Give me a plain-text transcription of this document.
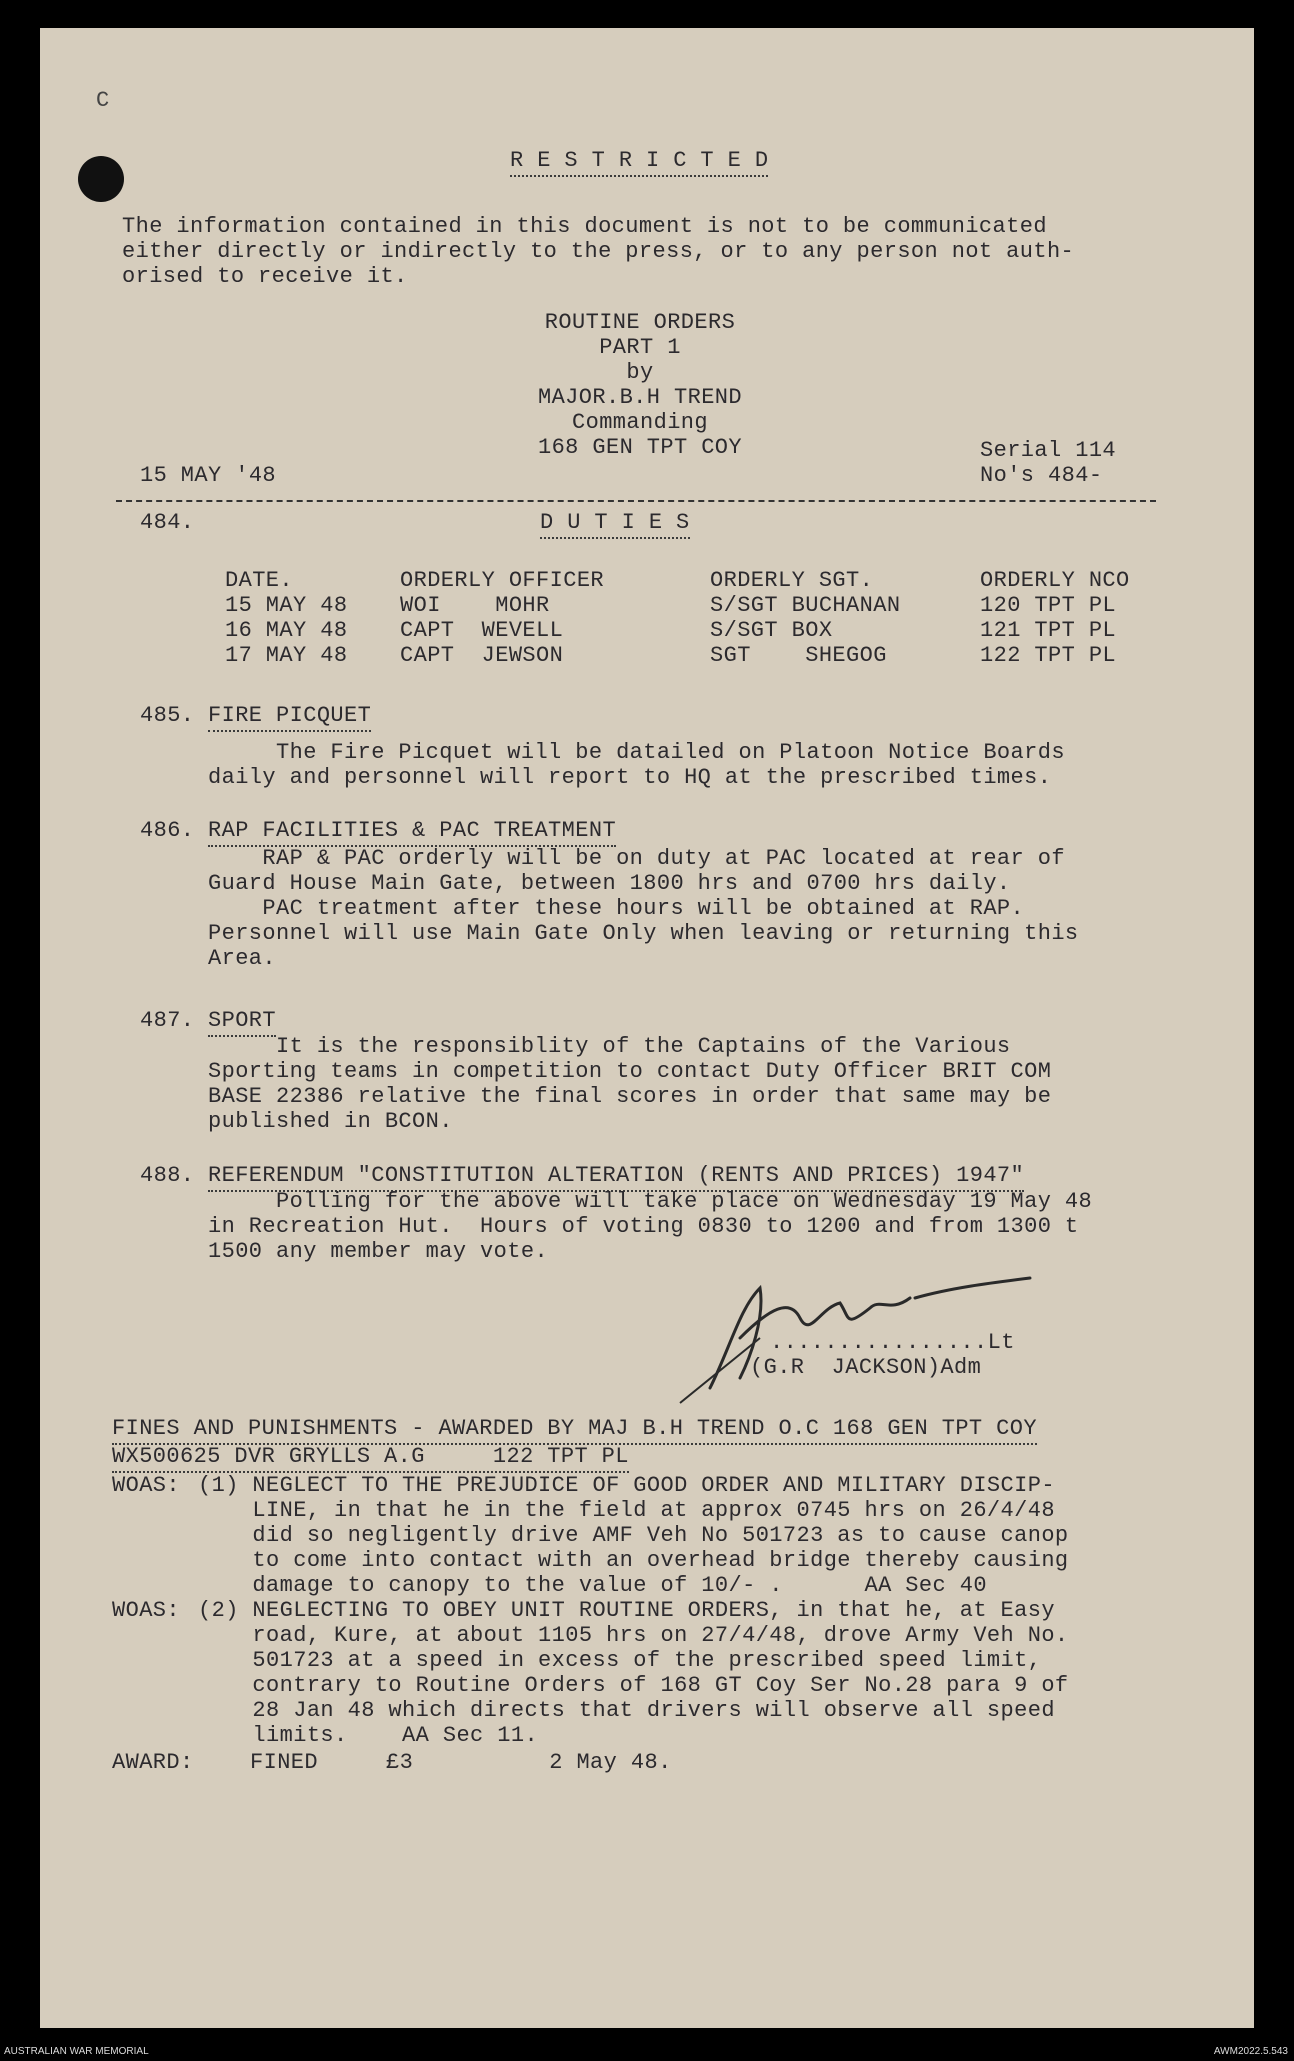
C
R E S T R I C T E D
The information contained in this document is not to be communicated
either directly or indirectly to the press, or to any person not auth-
orised to receive it.
ROUTINE ORDERS
PART 1
by
MAJOR.B.H TREND
Commanding
168 GEN TPT COY	Serial 114
15 MAY '48	No's 484-
484.	D U T I E S
DATE.	ORDERLY OFFICER	ORDERLY SGT.	ORDERLY NCO
15 MAY 48 WOI    MOHR	S/SGT BUCHANAN	120 TPT PL
16 MAY 48 CAPT  WEVELL	S/SGT BOX	121 TPT PL
17 MAY 48 CAPT  JEWSON	SGT    SHEGOG	122 TPT PL
485. FIRE PICQUET
The Fire Picquet will be datailed on Platoon Notice Boards
daily and personnel will report to HQ at the prescribed times.
486. RAP FACILITIES & PAC TREATMENT
RAP & PAC orderly will be on duty at PAC located at rear of
Guard House Main Gate, between 1800 hrs and 0700 hrs daily.
PAC treatment after these hours will be obtained at RAP.
Personnel will use Main Gate Only when leaving or returning this
Area.
487. SPORT
It is the responsiblity of the Captains of the Various
Sporting teams in competition to contact Duty Officer BRIT COM
BASE 22386 relative the final scores in order that same may be
published in BCON.
488. REFERENDUM "CONSTITUTION ALTERATION (RENTS AND PRICES) 1947"
Polling for the above will take place on Wednesday 19 May 48
in Recreation Hut.  Hours of voting 0830 to 1200 and from 1300 t
1500 any member may vote.
................Lt
(G.R  JACKSON)Adm
FINES AND PUNISHMENTS - AWARDED BY MAJ B.H TREND O.C 168 GEN TPT COY
WX500625 DVR GRYLLS A.G     122 TPT PL
WOAS: (1) NEGLECT TO THE PREJUDICE OF GOOD ORDER AND MILITARY DISCIP-
LINE, in that he in the field at approx 0745 hrs on 26/4/48
did so negligently drive AMF Veh No 501723 as to cause canop
to come into contact with an overhead bridge thereby causing
damage to canopy to the value of 10/- .      AA Sec 40
WOAS: (2) NEGLECTING TO OBEY UNIT ROUTINE ORDERS, in that he, at Easy
road, Kure, at about 1105 hrs on 27/4/48, drove Army Veh No.
501723 at a speed in excess of the prescribed speed limit,
contrary to Routine Orders of 168 GT Coy Ser No.28 para 9 of
28 Jan 48 which directs that drivers will observe all speed
limits.    AA Sec 11.
AWARD:	FINED     £3          2 May 48.
AUSTRALIAN WAR MEMORIAL	AWM2022.5.543
